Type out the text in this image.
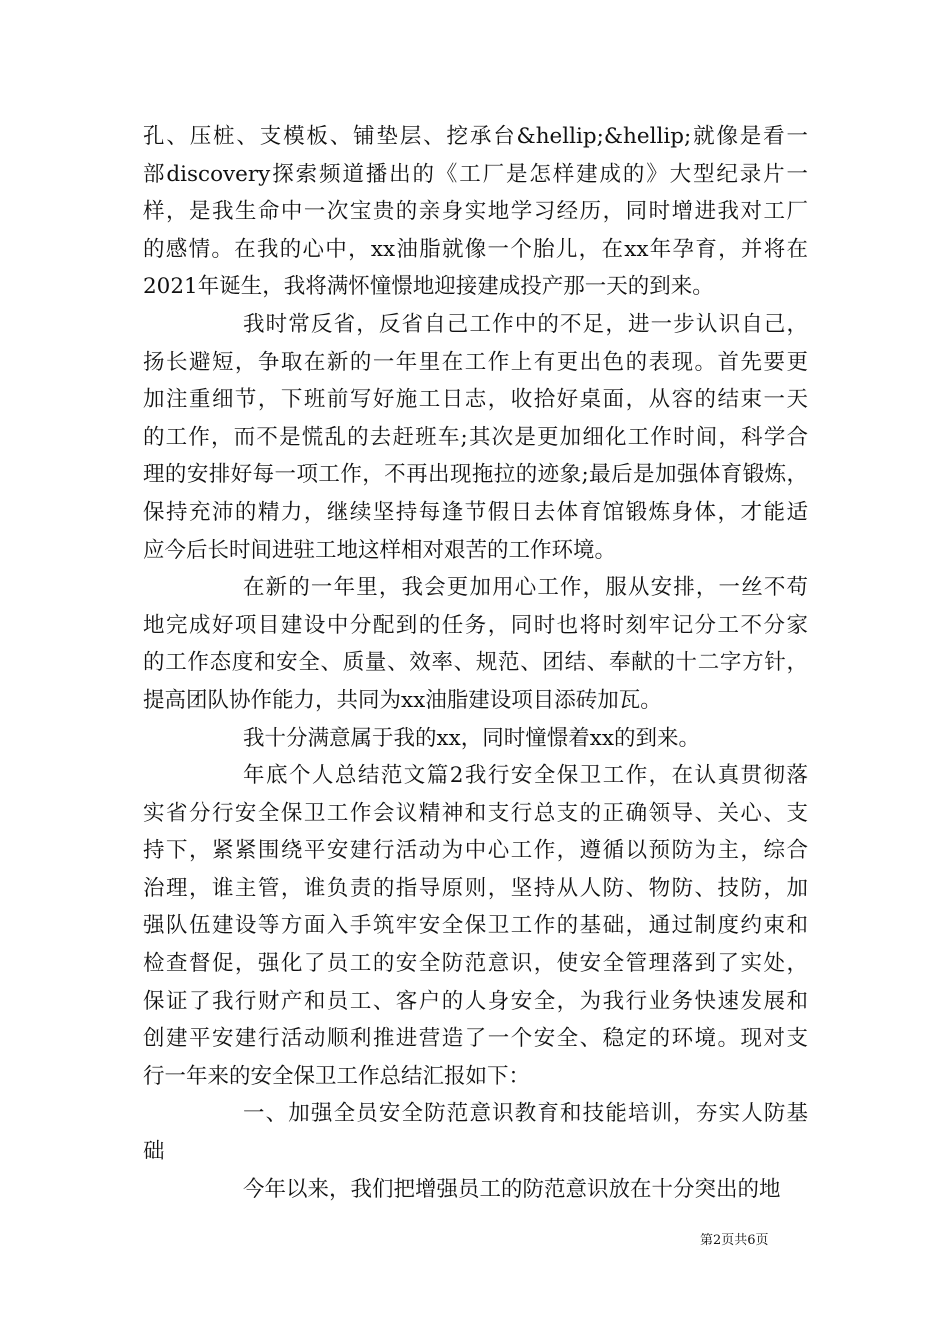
孔、压桩、支模板、铺垫层、挖承台&hellip;&hellip;就像是看一
部discovery探索频道播出的《工厂是怎样建成的》大型纪录片一
样，是我生命中一次宝贵的亲身实地学习经历，同时增进我对工厂
的感情。在我的心中，xx油脂就像一个胎儿，在xx年孕育，并将在
2021年诞生，我将满怀憧憬地迎接建成投产那一天的到来。
我时常反省，反省自己工作中的不足，进一步认识自己，
扬长避短，争取在新的一年里在工作上有更出色的表现。首先要更
加注重细节，下班前写好施工日志，收拾好桌面，从容的结束一天
的工作，而不是慌乱的去赶班车;其次是更加细化工作时间，科学合
理的安排好每一项工作，不再出现拖拉的迹象;最后是加强体育锻炼，
保持充沛的精力，继续坚持每逢节假日去体育馆锻炼身体，才能适
应今后长时间进驻工地这样相对艰苦的工作环境。
在新的一年里，我会更加用心工作，服从安排，一丝不苟
地完成好项目建设中分配到的任务，同时也将时刻牢记分工不分家
的工作态度和安全、质量、效率、规范、团结、奉献的十二字方针，
提高团队协作能力，共同为xx油脂建设项目添砖加瓦。
我十分满意属于我的xx，同时憧憬着xx的到来。
年底个人总结范文篇2我行安全保卫工作，在认真贯彻落
实省分行安全保卫工作会议精神和支行总支的正确领导、关心、支
持下，紧紧围绕平安建行活动为中心工作，遵循以预防为主，综合
治理，谁主管，谁负责的指导原则，坚持从人防、物防、技防，加
强队伍建设等方面入手筑牢安全保卫工作的基础，通过制度约束和
检查督促，强化了员工的安全防范意识，使安全管理落到了实处，
保证了我行财产和员工、客户的人身安全，为我行业务快速发展和
创建平安建行活动顺利推进营造了一个安全、稳定的环境。现对支
行一年来的安全保卫工作总结汇报如下：
一、加强全员安全防范意识教育和技能培训，夯实人防基
础
今年以来，我们把增强员工的防范意识放在十分突出的地
第2页共6页
